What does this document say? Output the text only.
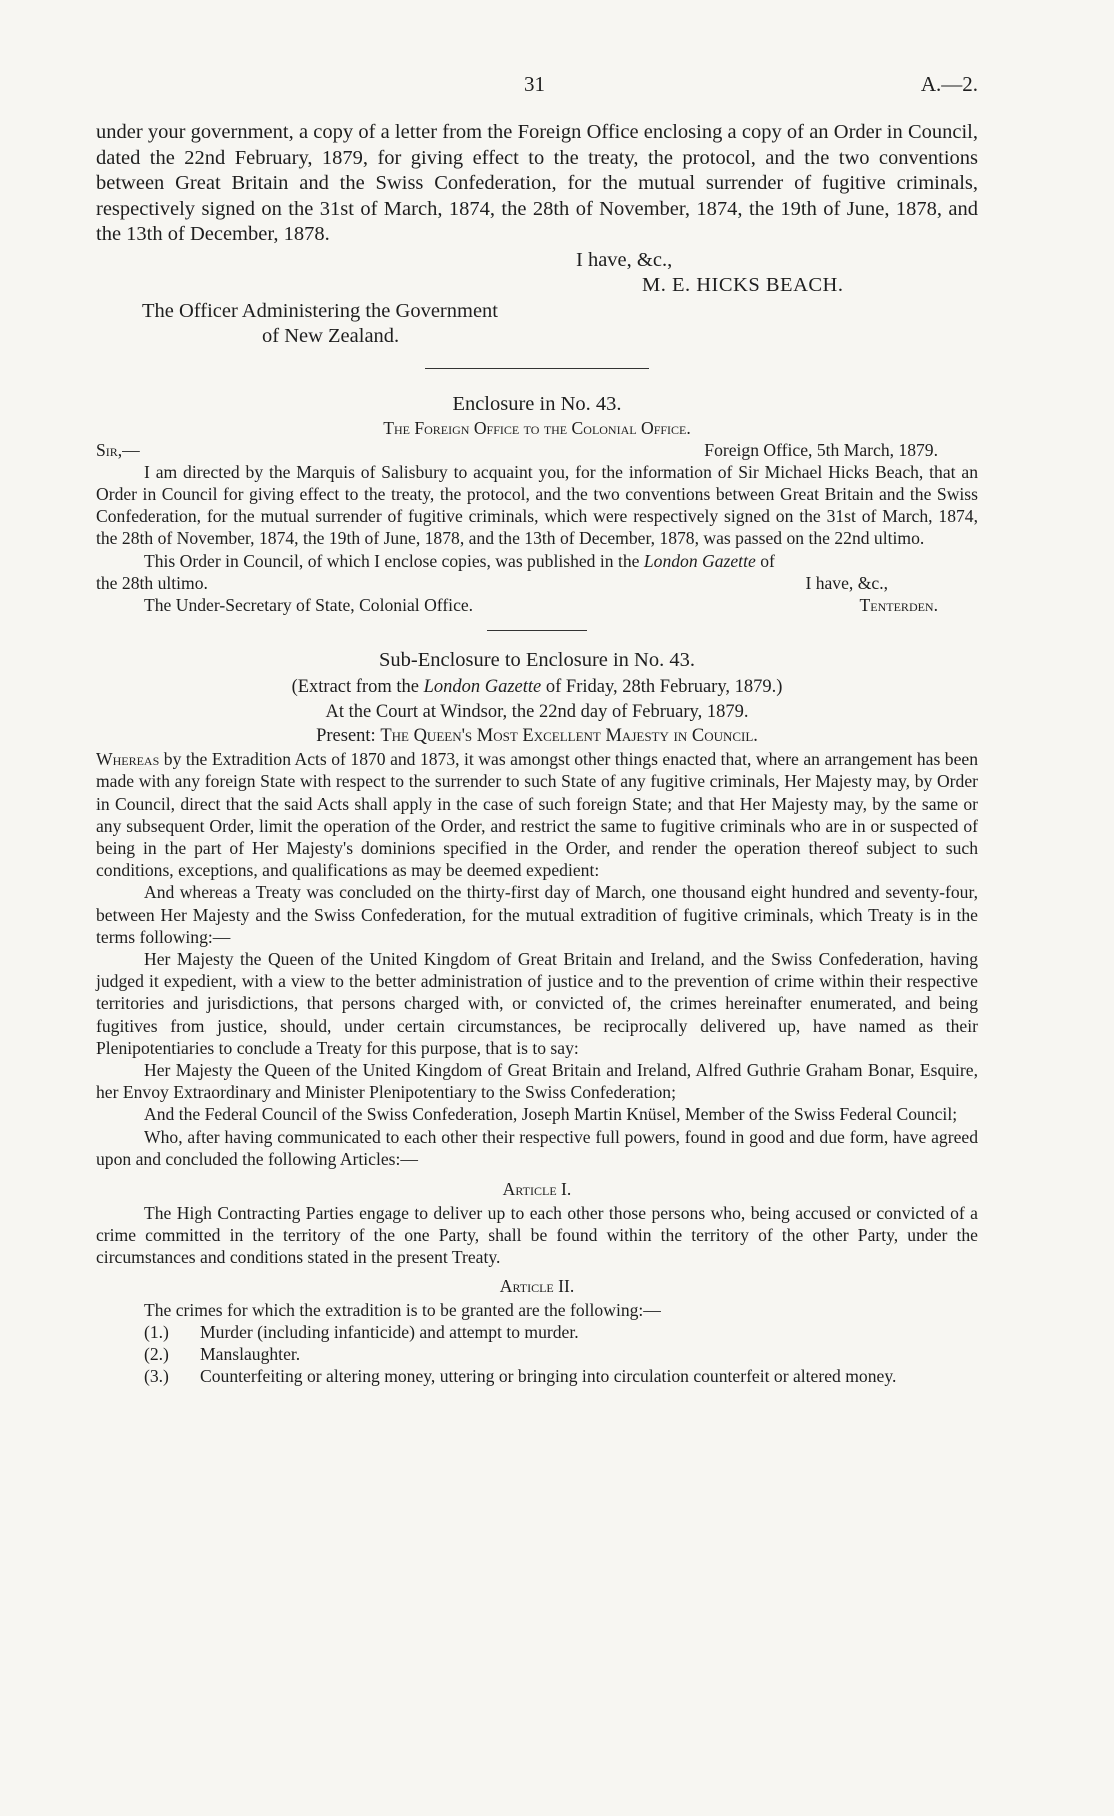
31	A.—2.

under your government, a copy of a letter from the Foreign Office enclosing a copy of an Order in Council, dated the 22nd February, 1879, for giving effect to the treaty, the protocol, and the two conventions between Great Britain and the Swiss Confederation, for the mutual surrender of fugitive criminals, respectively signed on the 31st of March, 1874, the 28th of November, 1874, the 19th of June, 1878, and the 13th of December, 1878.

I have, &c.,

M. E. HICKS BEACH.

The Officer Administering the Government

of New Zealand.

Enclosure in No. 43.

The Foreign Office to the Colonial Office.

Sir,—	Foreign Office, 5th March, 1879.

I am directed by the Marquis of Salisbury to acquaint you, for the information of Sir Michael Hicks Beach, that an Order in Council for giving effect to the treaty, the protocol, and the two conventions between Great Britain and the Swiss Confederation, for the mutual surrender of fugitive criminals, which were respectively signed on the 31st of March, 1874, the 28th of November, 1874, the 19th of June, 1878, and the 13th of December, 1878, was passed on the 22nd ultimo.

This Order in Council, of which I enclose copies, was published in the London Gazette of

the 28th ultimo.	I have, &c.,
The Under-Secretary of State, Colonial Office.	Tenterden.

Sub-Enclosure to Enclosure in No. 43.

(Extract from the London Gazette of Friday, 28th February, 1879.)

At the Court at Windsor, the 22nd day of February, 1879.

Present: The Queen's Most Excellent Majesty in Council.

Whereas by the Extradition Acts of 1870 and 1873, it was amongst other things enacted that, where an arrangement has been made with any foreign State with respect to the surrender to such State of any fugitive criminals, Her Majesty may, by Order in Council, direct that the said Acts shall apply in the case of such foreign State; and that Her Majesty may, by the same or any subsequent Order, limit the operation of the Order, and restrict the same to fugitive criminals who are in or suspected of being in the part of Her Majesty's dominions specified in the Order, and render the operation thereof subject to such conditions, exceptions, and qualifications as may be deemed expedient:

And whereas a Treaty was concluded on the thirty-first day of March, one thousand eight hundred and seventy-four, between Her Majesty and the Swiss Confederation, for the mutual extradition of fugitive criminals, which Treaty is in the terms following:—

Her Majesty the Queen of the United Kingdom of Great Britain and Ireland, and the Swiss Confederation, having judged it expedient, with a view to the better administration of justice and to the prevention of crime within their respective territories and jurisdictions, that persons charged with, or convicted of, the crimes hereinafter enumerated, and being fugitives from justice, should, under certain circumstances, be reciprocally delivered up, have named as their Plenipotentiaries to conclude a Treaty for this purpose, that is to say:

Her Majesty the Queen of the United Kingdom of Great Britain and Ireland, Alfred Guthrie Graham Bonar, Esquire, her Envoy Extraordinary and Minister Plenipotentiary to the Swiss Confederation;

And the Federal Council of the Swiss Confederation, Joseph Martin Knüsel, Member of the Swiss Federal Council;

Who, after having communicated to each other their respective full powers, found in good and due form, have agreed upon and concluded the following Articles:—

Article I.

The High Contracting Parties engage to deliver up to each other those persons who, being accused or convicted of a crime committed in the territory of the one Party, shall be found within the territory of the other Party, under the circumstances and conditions stated in the present Treaty.

Article II.

The crimes for which the extradition is to be granted are the following:—

(1.)	Murder (including infanticide) and attempt to murder.
(2.)	Manslaughter.
(3.)	Counterfeiting or altering money, uttering or bringing into circulation counterfeit or altered money.
